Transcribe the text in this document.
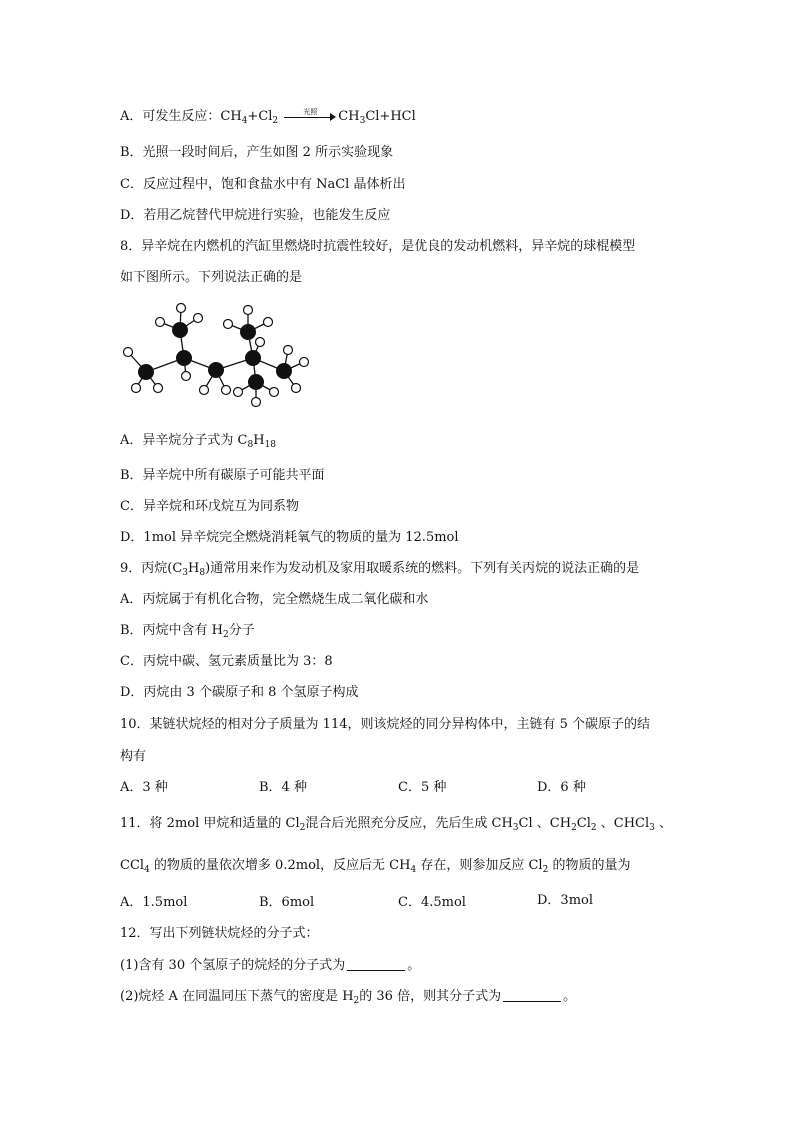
A．可发生反应：$CH_4+Cl_2$
光照	$CH_3Cl+HCl$
B．光照一段时间后，产生如图 2 所示实验现象
C．反应过程中，饱和食盐水中有 NaCl 晶体析出
D．若用乙烷替代甲烷进行实验，也能发生反应
8．异辛烷在内燃机的汽缸里燃烧时抗震性较好，是优良的发动机燃料，异辛烷的球棍模型
如下图所示。下列说法正确的是
A．异辛烷分子式为 $C_8H_{18}$
B．异辛烷中所有碳原子可能共平面
C．异辛烷和环戊烷互为同系物
D．1mol 异辛烷完全燃烧消耗氧气的物质的量为 12.5mol
9．丙烷$(C_3H_8)$通常用来作为发动机及家用取暖系统的燃料。下列有关丙烷的说法正确的是
A．丙烷属于有机化合物，完全燃烧生成二氧化碳和水
B．丙烷中含有 $H_2$分子
C．丙烷中碳、氢元素质量比为 3：8
D．丙烷由 3 个碳原子和 8 个氢原子构成
10．某链状烷烃的相对分子质量为 114，则该烷烃的同分异构体中，主链有 5 个碳原子的结
构有
A．3 种	B．4 种	C．5 种	D．6 种
11．将 2mol 甲烷和适量的 $Cl_2$混合后光照充分反应，先后生成 $CH_3Cl$ 、$CH_2Cl_2$ 、CHCl$_3$ 、
CCl$_4$ 的物质的量依次增多 0.2mol，反应后无 $CH_4$ 存在，则参加反应 $Cl_2$ 的物质的量为
A．1.5mol	B．6mol	C．4.5mol	D．3mol
12．写出下列链状烷烃的分子式：
(1)含有 30 个氢原子的烷烃的分子式为	。
(2)烷烃 A 在同温同压下蒸气的密度是 $H_2$的 36 倍，则其分子式为	。
